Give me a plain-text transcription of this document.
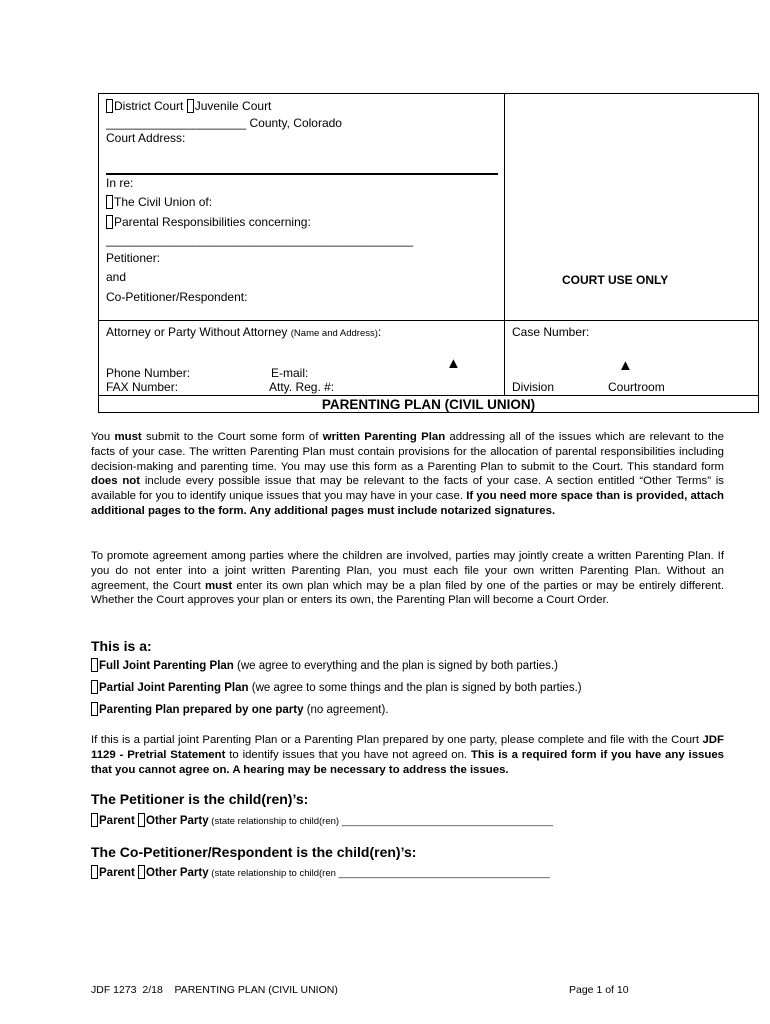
District Court Juvenile Court
_____________________ County, Colorado
Court Address:
In re:
The Civil Union of:
Parental Responsibilities concerning:
______________________________________________
Petitioner:
and
Co-Petitioner/Respondent:
COURT USE ONLY
Attorney or Party Without Attorney (Name and Address):
Phone Number:	E-mail:
FAX Number:	Atty. Reg. #:
▲
Case Number:
▲
Division	Courtroom
PARENTING PLAN (CIVIL UNION)
You must submit to the Court some form of written Parenting Plan addressing all of the issues which are relevant to the facts of your case. The written Parenting Plan must contain provisions for the allocation of parental responsibilities including decision-making and parenting time. You may use this form as a Parenting Plan to submit to the Court. This standard form does not include every possible issue that may be relevant to the facts of your case. A section entitled “Other Terms” is available for you to identify unique issues that you may have in your case. If you need more space than is provided, attach additional pages to the form. Any additional pages must include notarized signatures.
To promote agreement among parties where the children are involved, parties may jointly create a written Parenting Plan. If you do not enter into a joint written Parenting Plan, you must each file your own written Parenting Plan. Without an agreement, the Court must enter its own plan which may be a plan filed by one of the parties or may be entirely different. Whether the Court approves your plan or enters its own, the Parenting Plan will become a Court Order.
This is a:
Full Joint Parenting Plan (we agree to everything and the plan is signed by both parties.)
Partial Joint Parenting Plan (we agree to some things and the plan is signed by both parties.)
Parenting Plan prepared by one party (no agreement).
If this is a partial joint Parenting Plan or a Parenting Plan prepared by one party, please complete and file with the Court JDF 1129 - Pretrial Statement to identify issues that you have not agreed on. This is a required form if you have any issues that you cannot agree on. A hearing may be necessary to address the issues.
The Petitioner is the child(ren)’s:
Parent Other Party (state relationship to child(ren) ________________________________________
The Co-Petitioner/Respondent is the child(ren)’s:
Parent Other Party (state relationship to child(ren ________________________________________
JDF 1273  2/18    PARENTING PLAN (CIVIL UNION)	Page 1 of 10
